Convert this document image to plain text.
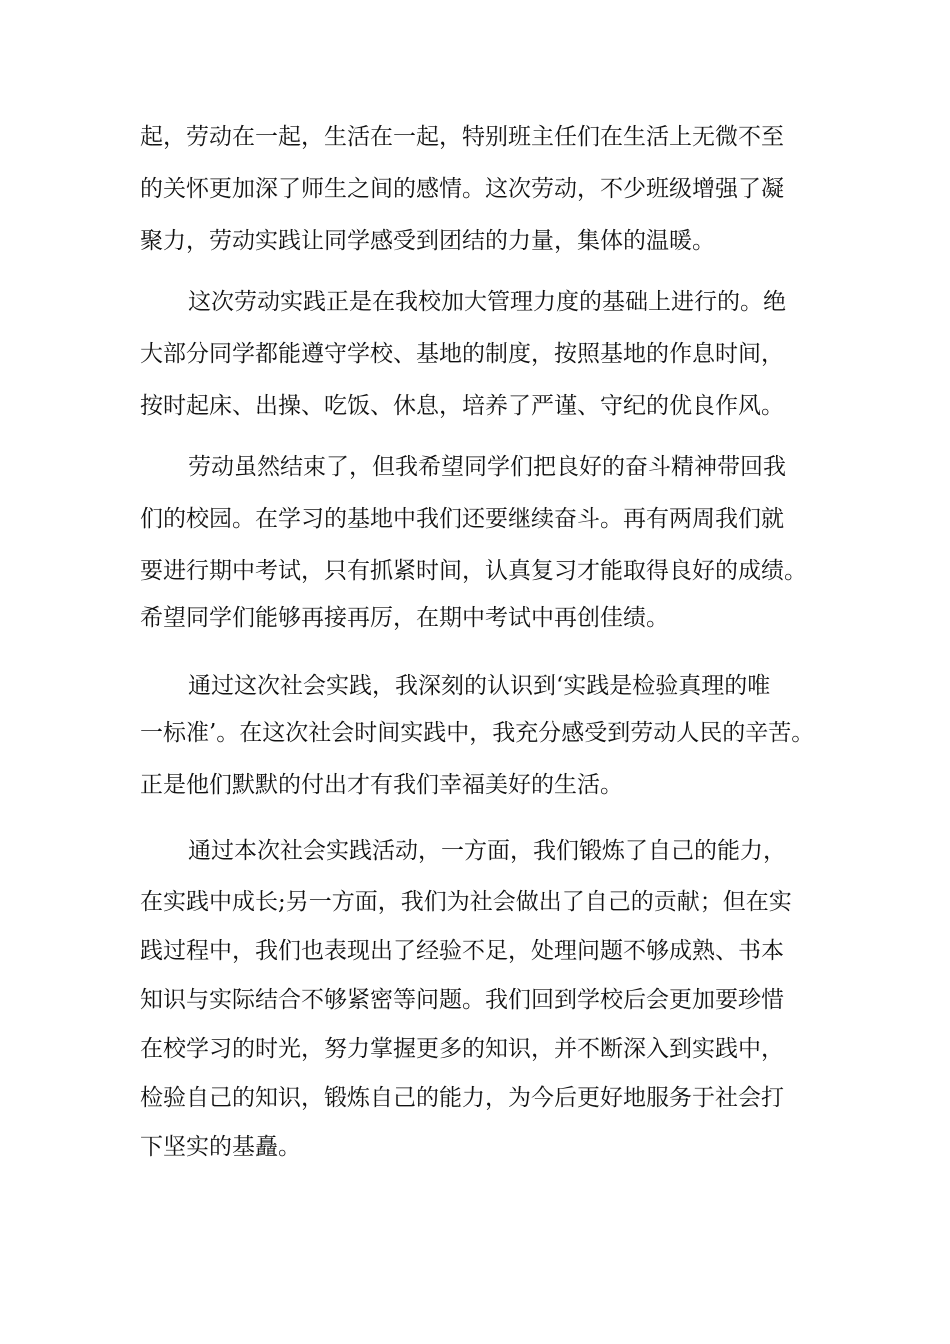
起，劳动在一起，生活在一起，特别班主任们在生活上无微不至
的关怀更加深了师生之间的感情。这次劳动，不少班级增强了凝
聚力，劳动实践让同学感受到团结的力量，集体的温暖。
这次劳动实践正是在我校加大管理力度的基础上进行的。绝
大部分同学都能遵守学校、基地的制度，按照基地的作息时间，
按时起床、出操、吃饭、休息，培养了严谨、守纪的优良作风。
劳动虽然结束了，但我希望同学们把良好的奋斗精神带回我
们的校园。在学习的基地中我们还要继续奋斗。再有两周我们就
要进行期中考试，只有抓紧时间，认真复习才能取得良好的成绩。
希望同学们能够再接再厉，在期中考试中再创佳绩。
通过这次社会实践，我深刻的认识到‘实践是检验真理的唯
一标准’。在这次社会时间实践中，我充分感受到劳动人民的辛苦。
正是他们默默的付出才有我们幸福美好的生活。
通过本次社会实践活动，一方面，我们锻炼了自己的能力，
在实践中成长;另一方面，我们为社会做出了自己的贡献；但在实
践过程中，我们也表现出了经验不足，处理问题不够成熟、书本
知识与实际结合不够紧密等问题。我们回到学校后会更加要珍惜
在校学习的时光，努力掌握更多的知识，并不断深入到实践中，
检验自己的知识，锻炼自己的能力，为今后更好地服务于社会打
下坚实的基矗。
